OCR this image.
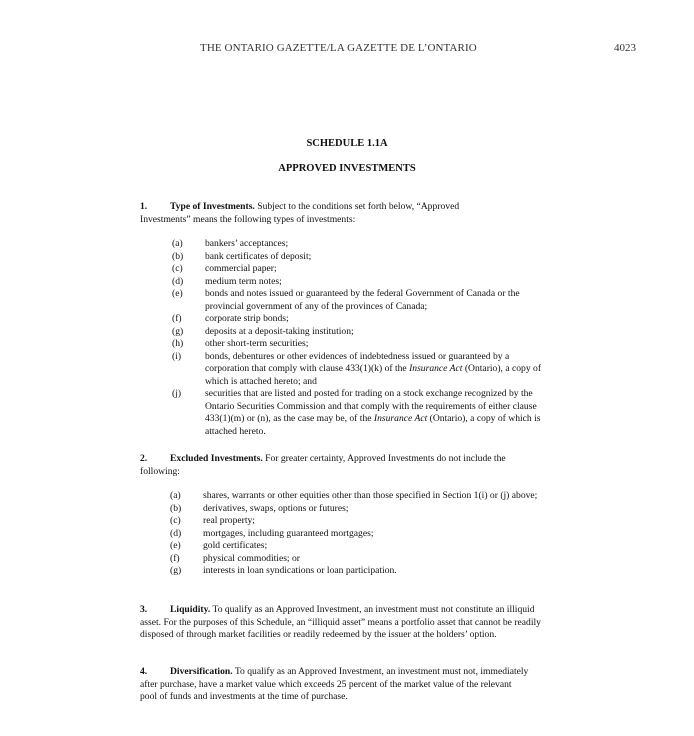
THE ONTARIO GAZETTE/LA GAZETTE DE L’ONTARIO	4023
SCHEDULE 1.1A
APPROVED INVESTMENTS
1. Type of Investments. Subject to the conditions set forth below, “Approved Investments” means the following types of investments:
(a) bankers’ acceptances;
(b) bank certificates of deposit;
(c) commercial paper;
(d) medium term notes;
(e) bonds and notes issued or guaranteed by the federal Government of Canada or the provincial government of any of the provinces of Canada;
(f) corporate strip bonds;
(g) deposits at a deposit-taking institution;
(h) other short-term securities;
(i) bonds, debentures or other evidences of indebtedness issued or guaranteed by a corporation that comply with clause 433(1)(k) of the Insurance Act (Ontario), a copy of which is attached hereto; and
(j) securities that are listed and posted for trading on a stock exchange recognized by the Ontario Securities Commission and that comply with the requirements of either clause 433(1)(m) or (n), as the case may be, of the Insurance Act (Ontario), a copy of which is attached hereto.
2. Excluded Investments. For greater certainty, Approved Investments do not include the following:
(a) shares, warrants or other equities other than those specified in Section 1(i) or (j) above;
(b) derivatives, swaps, options or futures;
(c) real property;
(d) mortgages, including guaranteed mortgages;
(e) gold certificates;
(f) physical commodities; or
(g) interests in loan syndications or loan participation.
3. Liquidity. To qualify as an Approved Investment, an investment must not constitute an illiquid asset. For the purposes of this Schedule, an “illiquid asset” means a portfolio asset that cannot be readily disposed of through market facilities or readily redeemed by the issuer at the holders’ option.
4. Diversification. To qualify as an Approved Investment, an investment must not, immediately after purchase, have a market value which exceeds 25 percent of the market value of the relevant pool of funds and investments at the time of purchase.
